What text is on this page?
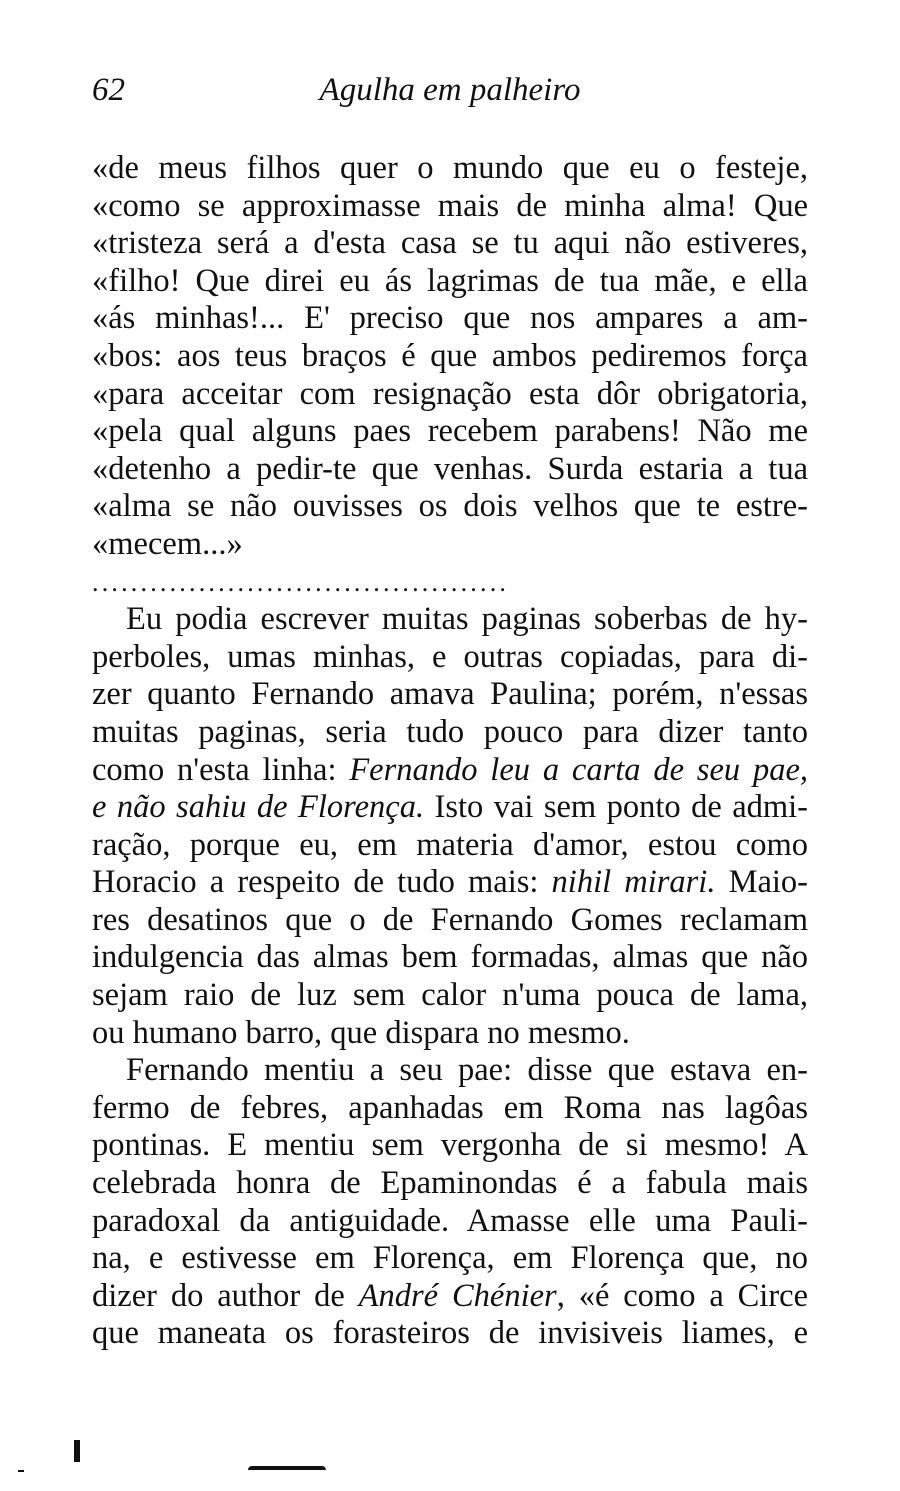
62	Agulha em palheiro
«de meus filhos quer o mundo que eu o festeje,
«como se approximasse mais de minha alma! Que
«tristeza será a d'esta casa se tu aqui não estiveres,
«filho! Que direi eu ás lagrimas de tua mãe, e ella
«ás minhas!... E' preciso que nos ampares a am-
«bos: aos teus braços é que ambos pediremos força
«para acceitar com resignação esta dôr obrigatoria,
«pela qual alguns paes recebem parabens! Não me
«detenho a pedir-te que venhas. Surda estaria a tua
«alma se não ouvisses os dois velhos que te estre-
«mecem...»
...........................................
Eu podia escrever muitas paginas soberbas de hy-
perboles, umas minhas, e outras copiadas, para di-
zer quanto Fernando amava Paulina; porém, n'essas
muitas paginas, seria tudo pouco para dizer tanto
como n'esta linha: Fernando leu a carta de seu pae,
e não sahiu de Florença. Isto vai sem ponto de admi-
ração, porque eu, em materia d'amor, estou como
Horacio a respeito de tudo mais: nihil mirari. Maio-
res desatinos que o de Fernando Gomes reclamam
indulgencia das almas bem formadas, almas que não
sejam raio de luz sem calor n'uma pouca de lama,
ou humano barro, que dispara no mesmo.
Fernando mentiu a seu pae: disse que estava en-
fermo de febres, apanhadas em Roma nas lagôas
pontinas. E mentiu sem vergonha de si mesmo! A
celebrada honra de Epaminondas é a fabula mais
paradoxal da antiguidade. Amasse elle uma Pauli-
na, e estivesse em Florença, em Florença que, no
dizer do author de André Chénier, «é como a Circe
que maneata os forasteiros de invisiveis liames, e
